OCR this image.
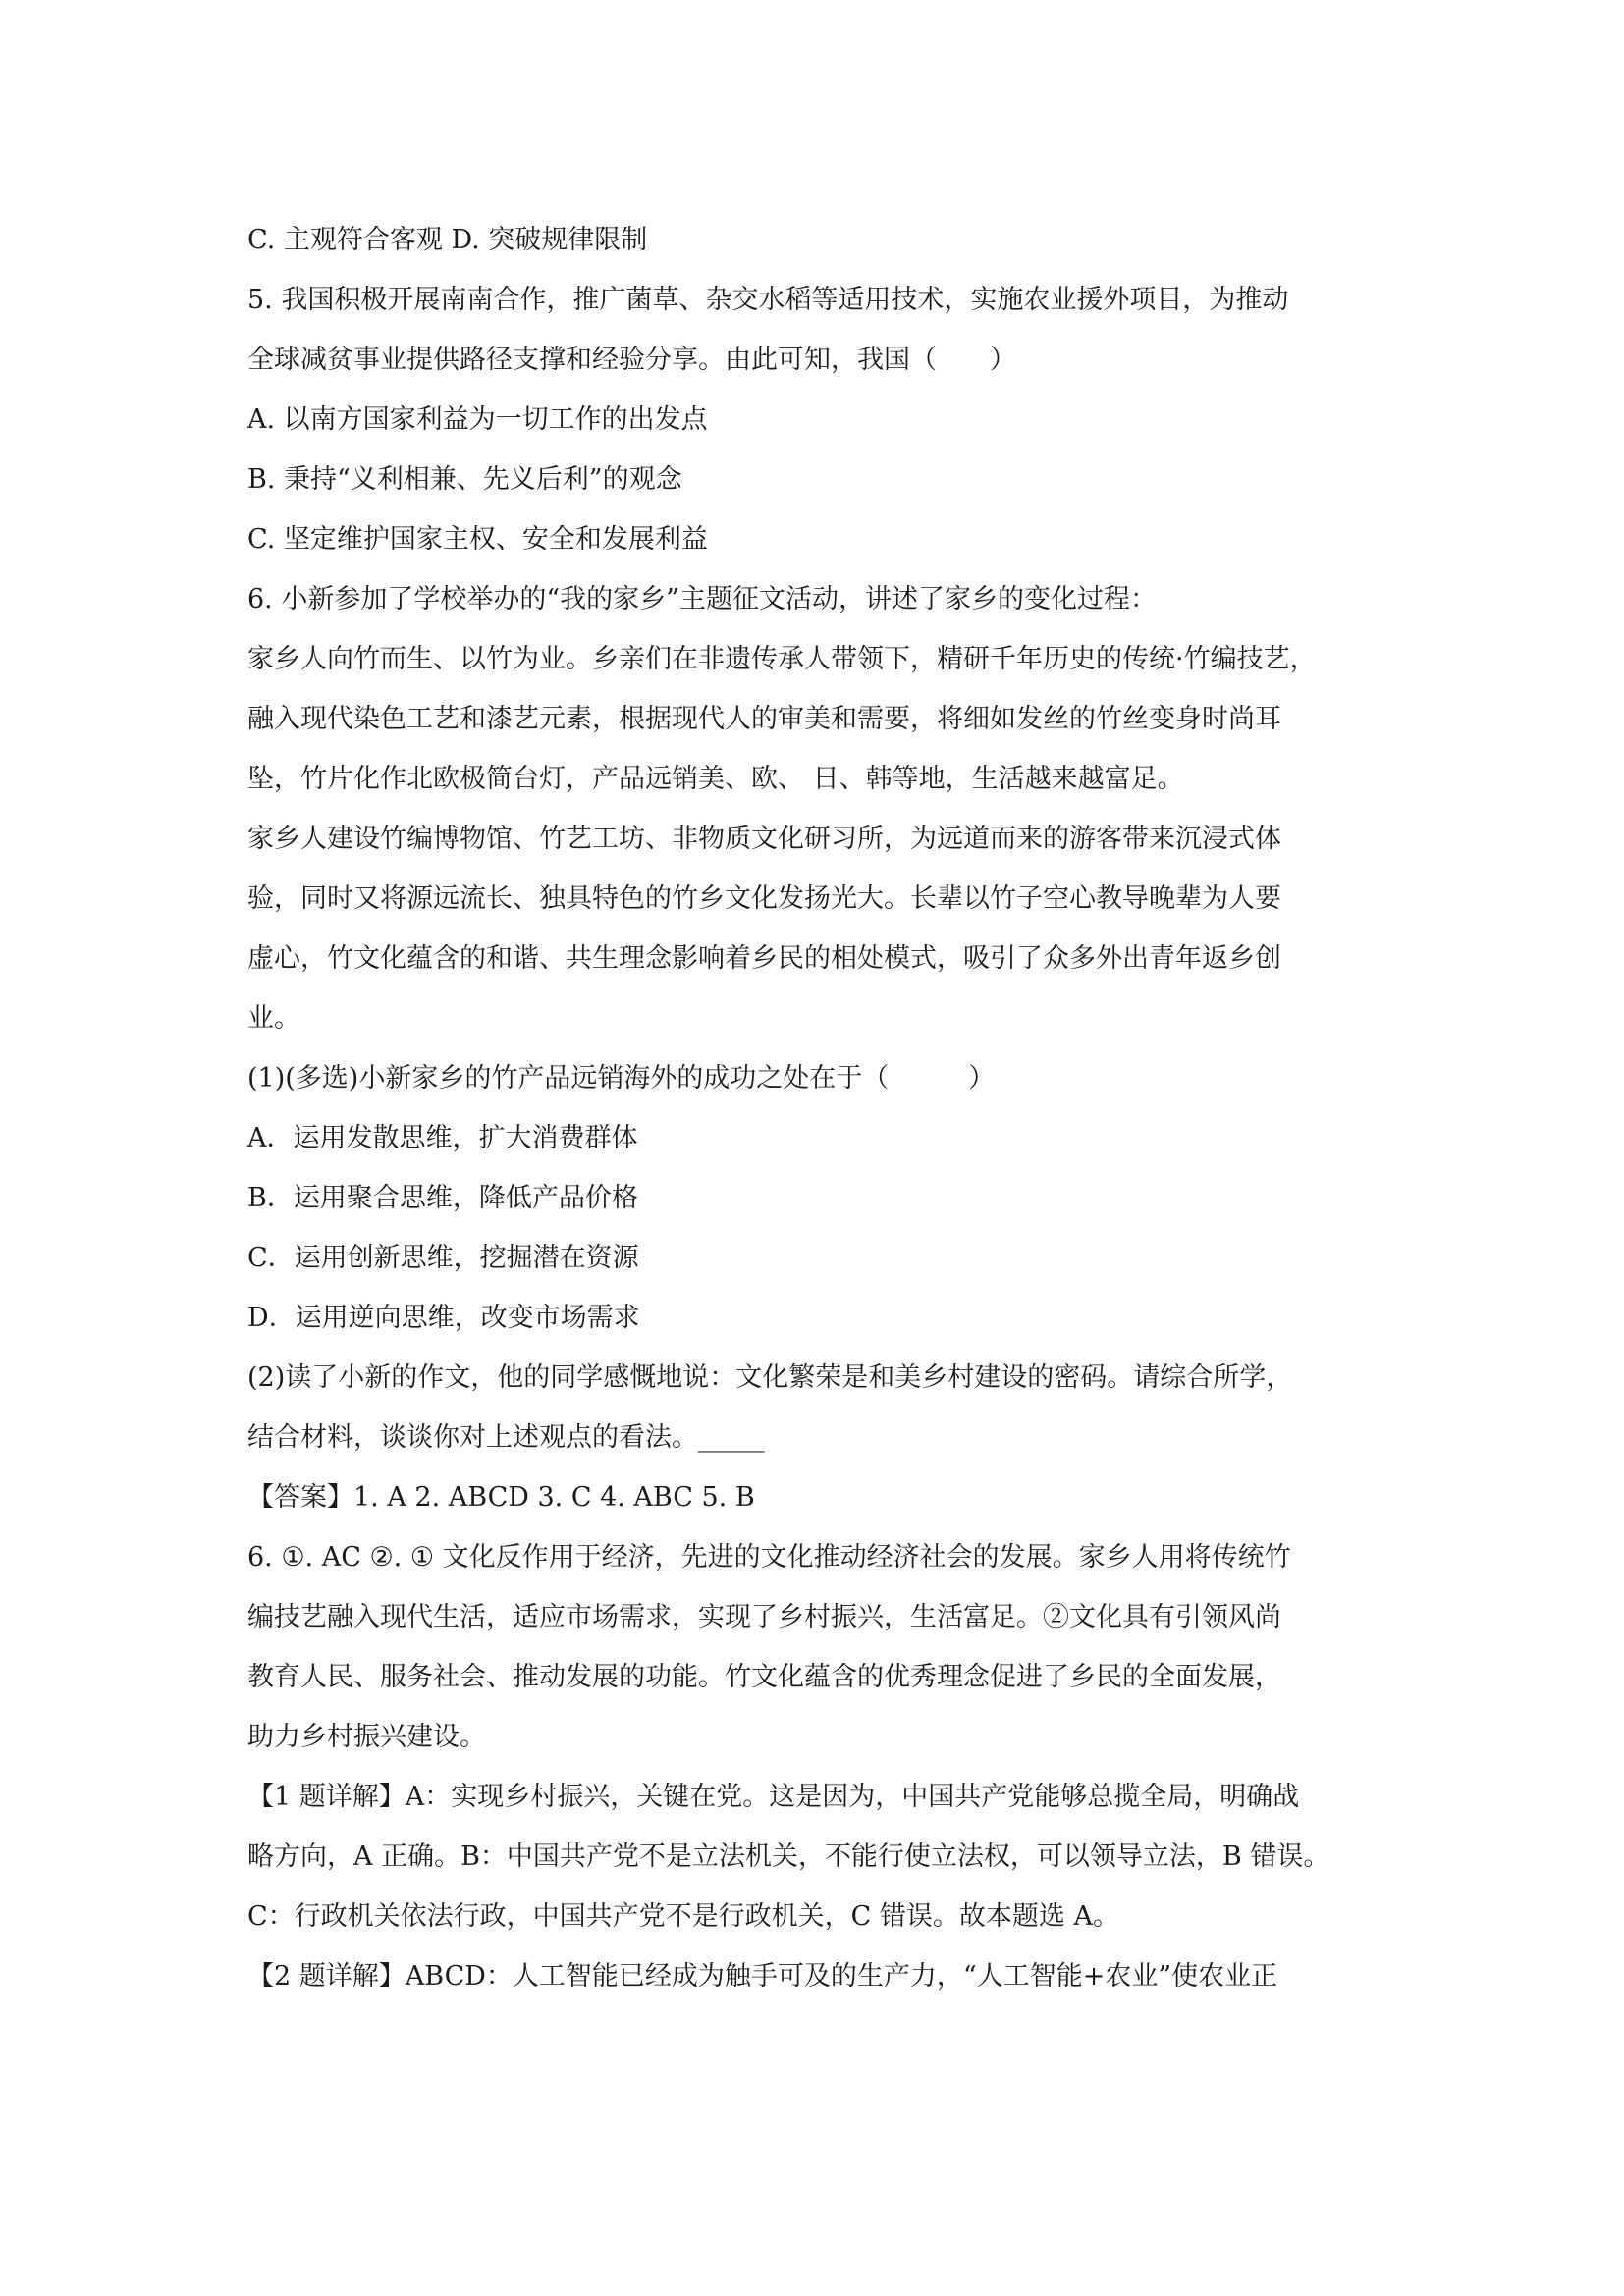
C. 主观符合客观 D. 突破规律限制
5. 我国积极开展南南合作，推广菌草、杂交水稻等适用技术，实施农业援外项目，为推动
全球减贫事业提供路径支撑和经验分享。由此可知，我国（　　）
A. 以南方国家利益为一切工作的出发点
B. 秉持“义利相兼、先义后利”的观念
C. 坚定维护国家主权、安全和发展利益
6. 小新参加了学校举办的“我的家乡”主题征文活动，讲述了家乡的变化过程：
家乡人向竹而生、以竹为业。乡亲们在非遗传承人带领下，精研千年历史的传统·竹编技艺，
融入现代染色工艺和漆艺元素，根据现代人的审美和需要，将细如发丝的竹丝变身时尚耳
坠，竹片化作北欧极简台灯，产品远销美、欧、 日、韩等地，生活越来越富足。
家乡人建设竹编博物馆、竹艺工坊、非物质文化研习所，为远道而来的游客带来沉浸式体
验，同时又将源远流长、独具特色的竹乡文化发扬光大。长辈以竹子空心教导晚辈为人要
虚心，竹文化蕴含的和谐、共生理念影响着乡民的相处模式，吸引了众多外出青年返乡创
业。
(1)(多选)小新家乡的竹产品远销海外的成功之处在于（　　　）
A．运用发散思维，扩大消费群体
B．运用聚合思维，降低产品价格
C．运用创新思维，挖掘潜在资源
D．运用逆向思维，改变市场需求
(2)读了小新的作文，他的同学感慨地说：文化繁荣是和美乡村建设的密码。请综合所学，
结合材料，谈谈你对上述观点的看法。_____
【答案】1. A 2. ABCD 3. C 4. ABC 5. B
6. ①. AC ②. ① 文化反作用于经济，先进的文化推动经济社会的发展。家乡人用将传统竹
编技艺融入现代生活，适应市场需求，实现了乡村振兴，生活富足。②文化具有引领风尚
教育人民、服务社会、推动发展的功能。竹文化蕴含的优秀理念促进了乡民的全面发展，
助力乡村振兴建设。
【1 题详解】A：实现乡村振兴，关键在党。这是因为，中国共产党能够总揽全局，明确战
略方向，A 正确。B：中国共产党不是立法机关，不能行使立法权，可以领导立法，B 错误。
C：行政机关依法行政，中国共产党不是行政机关，C 错误。故本题选 A。
【2 题详解】ABCD：人工智能已经成为触手可及的生产力，“人工智能+农业”使农业正
